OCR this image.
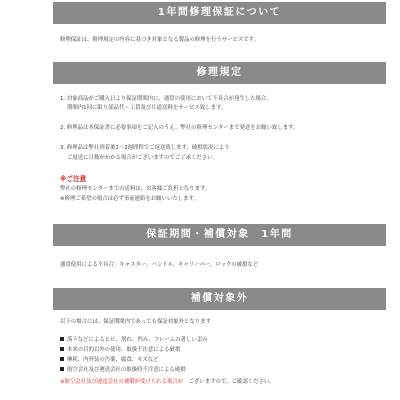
1年間修理保証について
修理保証は、修理規定の内容に基づき対象となる製品の修理を行うサービスです。
修理規定
1. 対象商品がご購入日より保証期間内に、通常の使用において不具合が発生した場合、
期間内1回に限り部品代・工賃及び片道送料をサービス致します。
2. 修理品は本保証書に必要事項をご記入のうえ、弊社の修理センターまで発送をお願い致します。
3. 修理品は弊社到着後1～2週間程でご返送致します。破損状況により
ご返送に日数がかかる場合がございますのでご了承ください。
※ご注意
弊社の修理センターまでの送料は、お客様ご負担となります。
※修理ご希望の場合は必ず事前連絡をお願いいたします。
保証期間・補償対象　1年間
通常使用による不具合：キャスター、ハンドル、キャリーバー、ロックの破損など
補償対象外
以下の場合には、保証期間内であっても保証対象外となります
落下などによるヒビ、割れ、凹み、フレームの著しい歪み
本来の目的以外の使用、取扱不注意による破損
摩耗、内外装の汚薬、腐食、キズなど
航空会社及び運送会社の取扱時不注意による破損
※航空会社及び運送会社の補償が受けられる場合が　ございますので、ご確認ください。
